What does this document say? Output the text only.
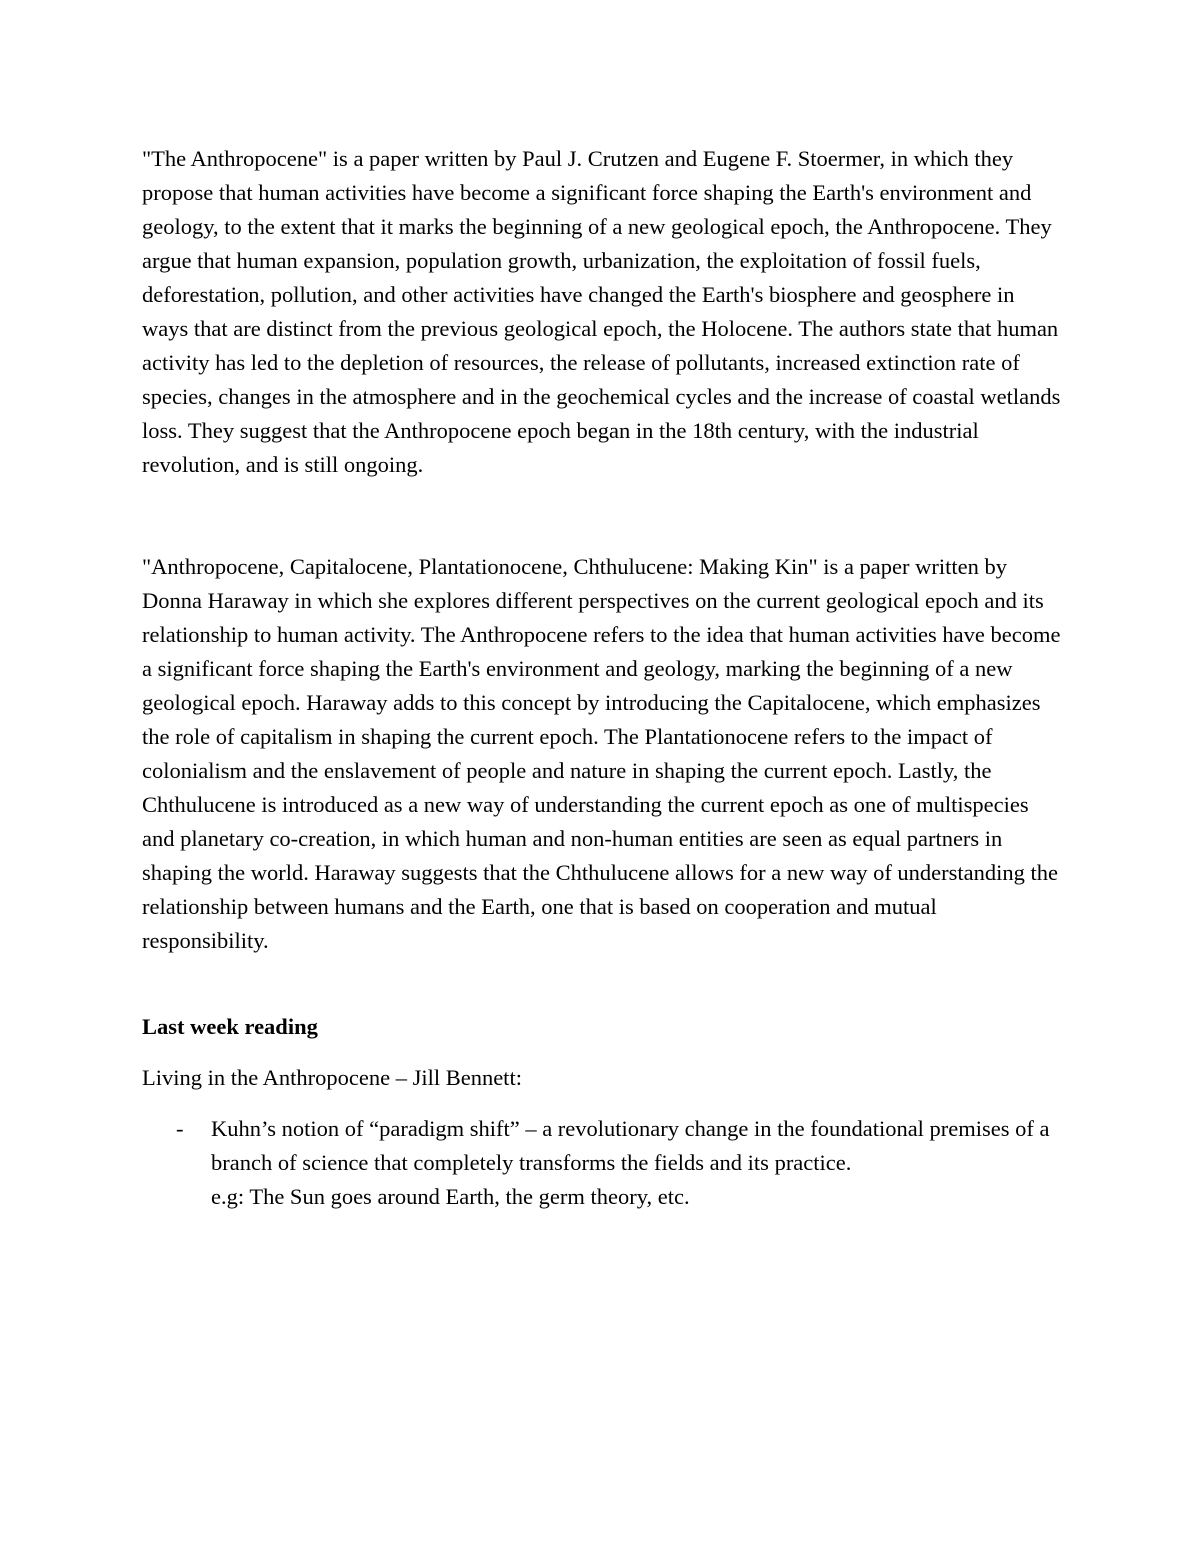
"The Anthropocene" is a paper written by Paul J. Crutzen and Eugene F. Stoermer, in which they propose that human activities have become a significant force shaping the Earth's environment and geology, to the extent that it marks the beginning of a new geological epoch, the Anthropocene. They argue that human expansion, population growth, urbanization, the exploitation of fossil fuels, deforestation, pollution, and other activities have changed the Earth's biosphere and geosphere in ways that are distinct from the previous geological epoch, the Holocene. The authors state that human activity has led to the depletion of resources, the release of pollutants, increased extinction rate of species, changes in the atmosphere and in the geochemical cycles and the increase of coastal wetlands loss. They suggest that the Anthropocene epoch began in the 18th century, with the industrial revolution, and is still ongoing.

"Anthropocene, Capitalocene, Plantationocene, Chthulucene: Making Kin" is a paper written by Donna Haraway in which she explores different perspectives on the current geological epoch and its relationship to human activity. The Anthropocene refers to the idea that human activities have become a significant force shaping the Earth's environment and geology, marking the beginning of a new geological epoch. Haraway adds to this concept by introducing the Capitalocene, which emphasizes the role of capitalism in shaping the current epoch. The Plantationocene refers to the impact of colonialism and the enslavement of people and nature in shaping the current epoch. Lastly, the Chthulucene is introduced as a new way of understanding the current epoch as one of multispecies and planetary co-creation, in which human and non-human entities are seen as equal partners in shaping the world. Haraway suggests that the Chthulucene allows for a new way of understanding the relationship between humans and the Earth, one that is based on cooperation and mutual responsibility.

Last week reading

Living in the Anthropocene – Jill Bennett:

- Kuhn’s notion of “paradigm shift” – a revolutionary change in the foundational premises of a branch of science that completely transforms the fields and its practice.
e.g: The Sun goes around Earth, the germ theory, etc.
